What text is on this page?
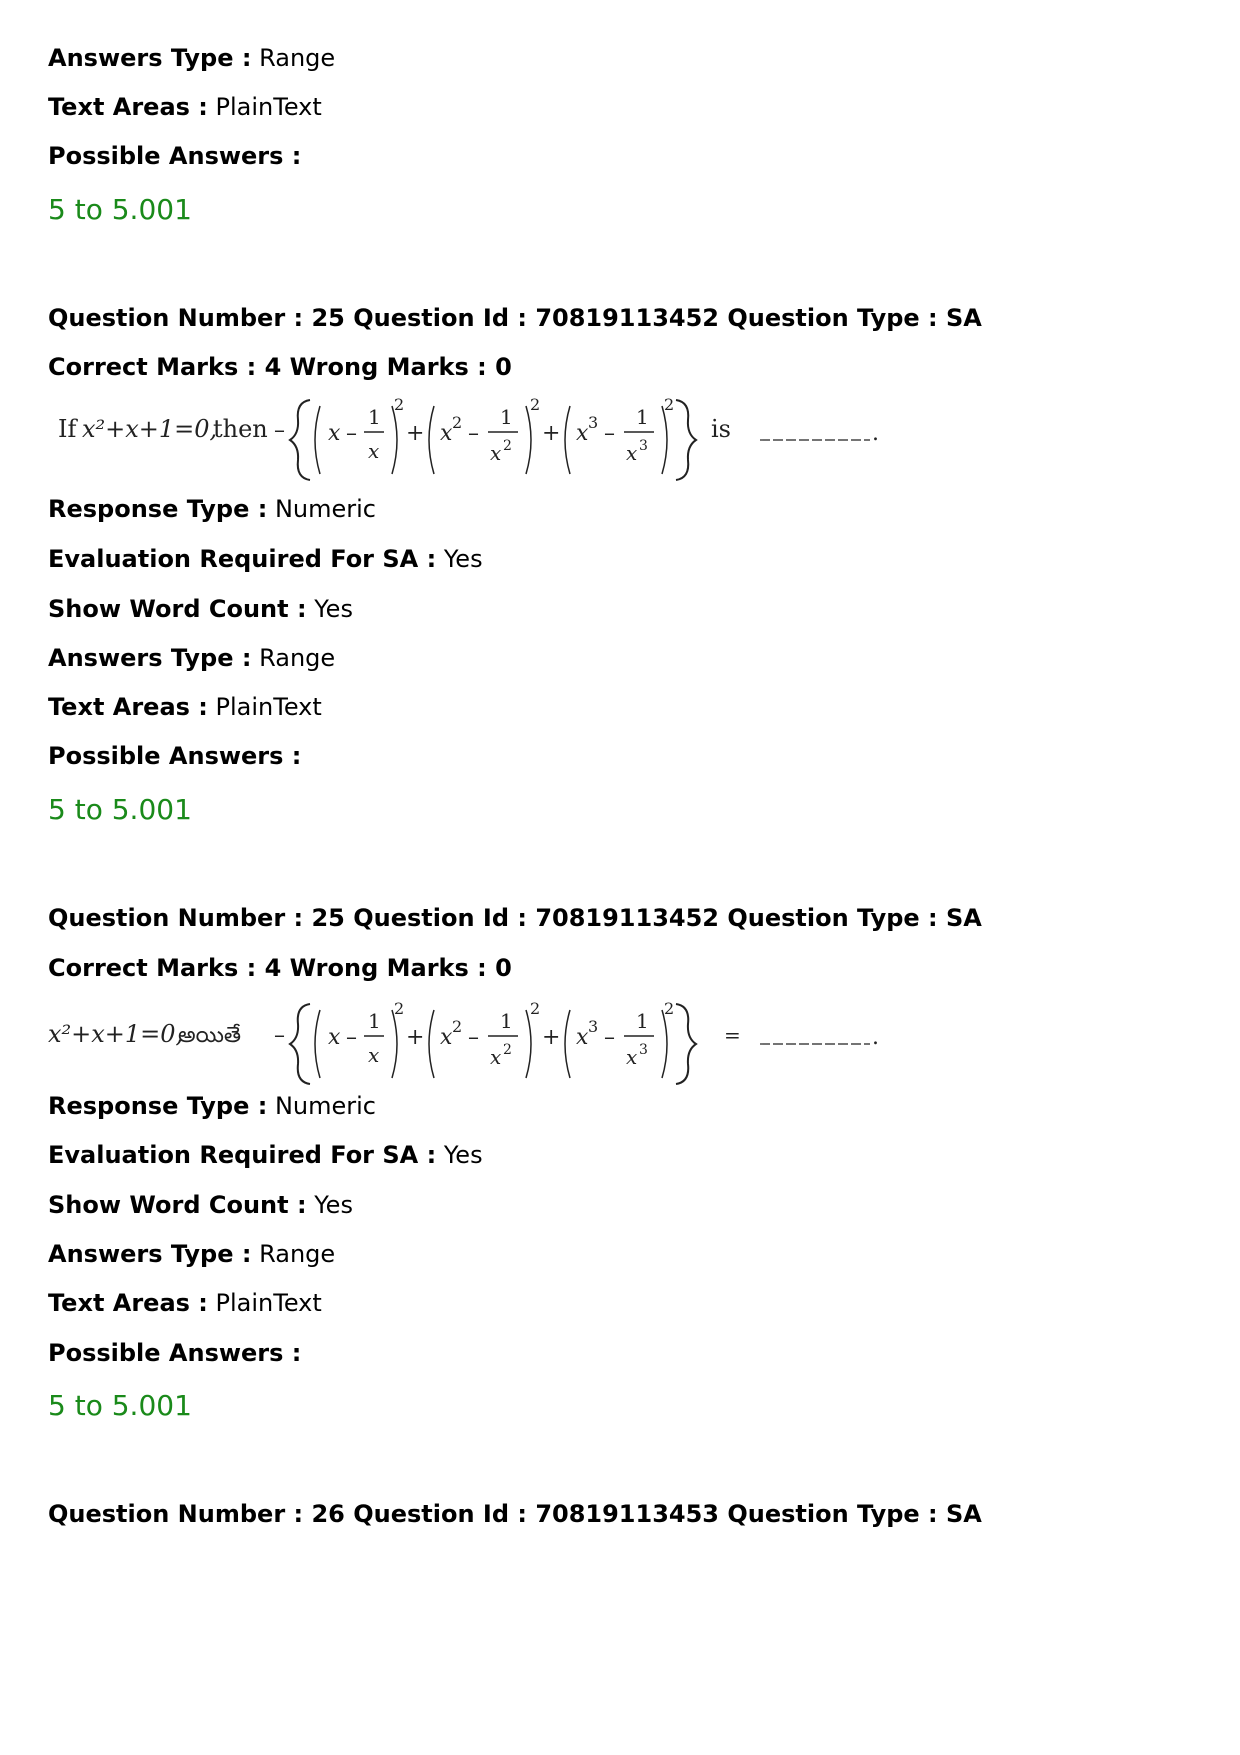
Answers Type : Range
Text Areas : PlainText
Possible Answers :
5 to 5.001
Question Number : 25 Question Id : 70819113452 Question Type : SA
Correct Marks : 4 Wrong Marks : 0
If x²+x+1=0,
then – x –
1
x
2
+ x 2 –
1
x 2
2
+ x 3 –
1
x 3
2
is	.
Response Type : Numeric
Evaluation Required For SA : Yes
Show Word Count : Yes
Answers Type : Range
Text Areas : PlainText
Possible Answers :
5 to 5.001
Question Number : 25 Question Id : 70819113452 Question Type : SA
Correct Marks : 4 Wrong Marks : 0
x²+x+1=0,
అయితే – x –
1
x
2
+ x 2 –
1
x 2
2
+ x 3 –
1
x 3
2
=	.
Response Type : Numeric
Evaluation Required For SA : Yes
Show Word Count : Yes
Answers Type : Range
Text Areas : PlainText
Possible Answers :
5 to 5.001
Question Number : 26 Question Id : 70819113453 Question Type : SA
